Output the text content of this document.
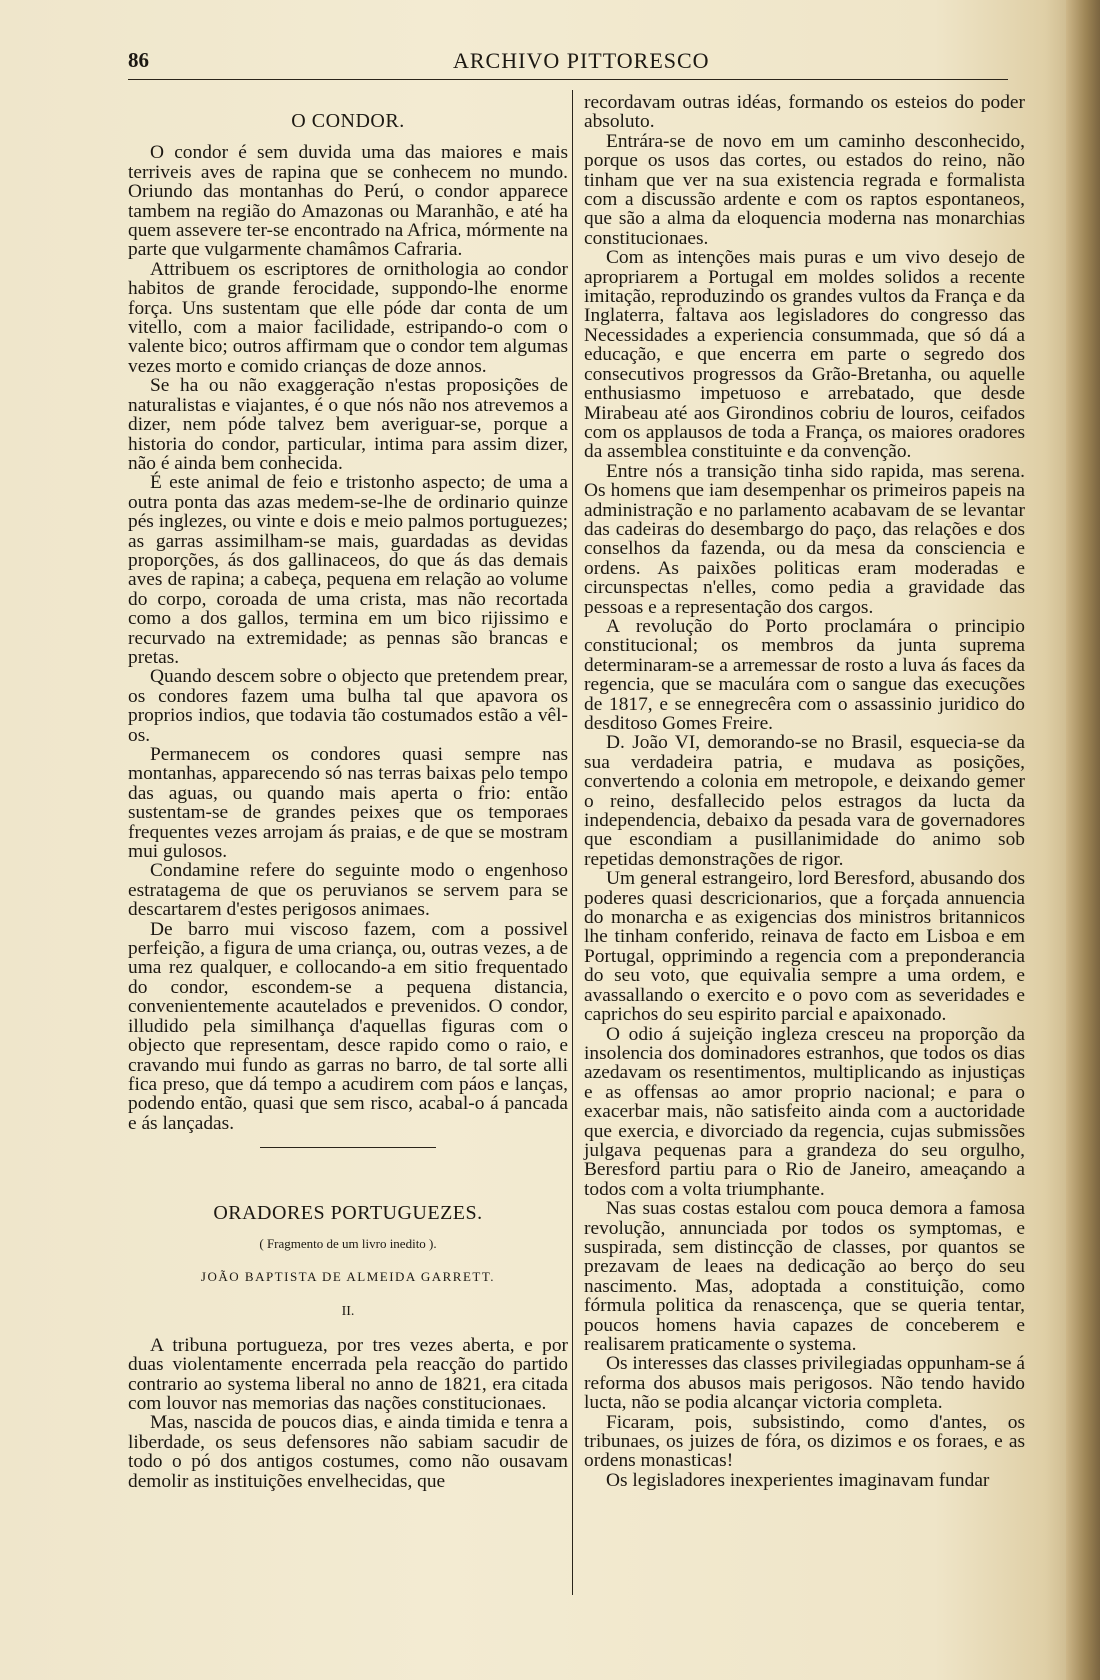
86	ARCHIVO PITTORESCO
O CONDOR.

O condor é sem duvida uma das maiores e mais terriveis aves de rapina que se conhecem no mundo. Oriundo das montanhas do Perú, o condor apparece tambem na região do Amazonas ou Maranhão, e até ha quem assevere ter-se encontrado na Africa, mórmente na parte que vulgarmente chamâmos Cafraria.

Attribuem os escriptores de ornithologia ao condor habitos de grande ferocidade, suppondo-lhe enorme força. Uns sustentam que elle póde dar conta de um vitello, com a maior facilidade, estripando-o com o valente bico; outros affirmam que o condor tem algumas vezes morto e comido crianças de doze annos.

Se ha ou não exaggeração n'estas proposições de naturalistas e viajantes, é o que nós não nos atrevemos a dizer, nem póde talvez bem averiguar-se, porque a historia do condor, particular, intima para assim dizer, não é ainda bem conhecida.

É este animal de feio e tristonho aspecto; de uma a outra ponta das azas medem-se-lhe de ordinario quinze pés inglezes, ou vinte e dois e meio palmos portuguezes; as garras assimilham-se mais, guardadas as devidas proporções, ás dos gallinaceos, do que ás das demais aves de rapina; a cabeça, pequena em relação ao volume do corpo, coroada de uma crista, mas não recortada como a dos gallos, termina em um bico rijissimo e recurvado na extremidade; as pennas são brancas e pretas.

Quando descem sobre o objecto que pretendem prear, os condores fazem uma bulha tal que apavora os proprios indios, que todavia tão costumados estão a vêl-os.

Permanecem os condores quasi sempre nas montanhas, apparecendo só nas terras baixas pelo tempo das aguas, ou quando mais aperta o frio: então sustentam-se de grandes peixes que os temporaes frequentes vezes arrojam ás praias, e de que se mostram mui gulosos.

Condamine refere do seguinte modo o engenhoso estratagema de que os peruvianos se servem para se descartarem d'estes perigosos animaes.

De barro mui viscoso fazem, com a possivel perfeição, a figura de uma criança, ou, outras vezes, a de uma rez qualquer, e collocando-a em sitio frequentado do condor, escondem-se a pequena distancia, convenientemente acautelados e prevenidos. O condor, illudido pela similhança d'aquellas figuras com o objecto que representam, desce rapido como o raio, e cravando mui fundo as garras no barro, de tal sorte alli fica preso, que dá tempo a acudirem com páos e lanças, podendo então, quasi que sem risco, acabal-o á pancada e ás lançadas.

ORADORES PORTUGUEZES.
( Fragmento de um livro inedito ).
JOÃO BAPTISTA DE ALMEIDA GARRETT.
II.

A tribuna portugueza, por tres vezes aberta, e por duas violentamente encerrada pela reacção do partido contrario ao systema liberal no anno de 1821, era citada com louvor nas memorias das nações constitucionaes.

Mas, nascida de poucos dias, e ainda timida e tenra a liberdade, os seus defensores não sabiam sacudir de todo o pó dos antigos costumes, como não ousavam demolir as instituições envelhecidas, que

recordavam outras idéas, formando os esteios do poder absoluto.

Entrára-se de novo em um caminho desconhecido, porque os usos das cortes, ou estados do reino, não tinham que ver na sua existencia regrada e formalista com a discussão ardente e com os raptos espontaneos, que são a alma da eloquencia moderna nas monarchias constitucionaes.

Com as intenções mais puras e um vivo desejo de apropriarem a Portugal em moldes solidos a recente imitação, reproduzindo os grandes vultos da França e da Inglaterra, faltava aos legisladores do congresso das Necessidades a experiencia consummada, que só dá a educação, e que encerra em parte o segredo dos consecutivos progressos da Grão-Bretanha, ou aquelle enthusiasmo impetuoso e arrebatado, que desde Mirabeau até aos Girondinos cobriu de louros, ceifados com os applausos de toda a França, os maiores oradores da assemblea constituinte e da convenção.

Entre nós a transição tinha sido rapida, mas serena. Os homens que iam desempenhar os primeiros papeis na administração e no parlamento acabavam de se levantar das cadeiras do desembargo do paço, das relações e dos conselhos da fazenda, ou da mesa da consciencia e ordens. As paixões politicas eram moderadas e circunspectas n'elles, como pedia a gravidade das pessoas e a representação dos cargos.

A revolução do Porto proclamára o principio constitucional; os membros da junta suprema determinaram-se a arremessar de rosto a luva ás faces da regencia, que se maculára com o sangue das execuções de 1817, e se ennegrecêra com o assassinio juridico do desditoso Gomes Freire.

D. João VI, demorando-se no Brasil, esquecia-se da sua verdadeira patria, e mudava as posições, convertendo a colonia em metropole, e deixando gemer o reino, desfallecido pelos estragos da lucta da independencia, debaixo da pesada vara de governadores que escondiam a pusillanimidade do animo sob repetidas demonstrações de rigor.

Um general estrangeiro, lord Beresford, abusando dos poderes quasi descricionarios, que a forçada annuencia do monarcha e as exigencias dos ministros britannicos lhe tinham conferido, reinava de facto em Lisboa e em Portugal, opprimindo a regencia com a preponderancia do seu voto, que equivalia sempre a uma ordem, e avassallando o exercito e o povo com as severidades e caprichos do seu espirito parcial e apaixonado.

O odio á sujeição ingleza cresceu na proporção da insolencia dos dominadores estranhos, que todos os dias azedavam os resentimentos, multiplicando as injustiças e as offensas ao amor proprio nacional; e para o exacerbar mais, não satisfeito ainda com a auctoridade que exercia, e divorciado da regencia, cujas submissões julgava pequenas para a grandeza do seu orgulho, Beresford partiu para o Rio de Janeiro, ameaçando a todos com a volta triumphante.

Nas suas costas estalou com pouca demora a famosa revolução, annunciada por todos os symptomas, e suspirada, sem distincção de classes, por quantos se prezavam de leaes na dedicação ao berço do seu nascimento. Mas, adoptada a constituição, como fórmula politica da renascença, que se queria tentar, poucos homens havia capazes de conceberem e realisarem praticamente o systema.

Os interesses das classes privilegiadas oppunham-se á reforma dos abusos mais perigosos. Não tendo havido lucta, não se podia alcançar victoria completa.

Ficaram, pois, subsistindo, como d'antes, os tribunaes, os juizes de fóra, os dizimos e os foraes, e as ordens monasticas!

Os legisladores inexperientes imaginavam fundar
